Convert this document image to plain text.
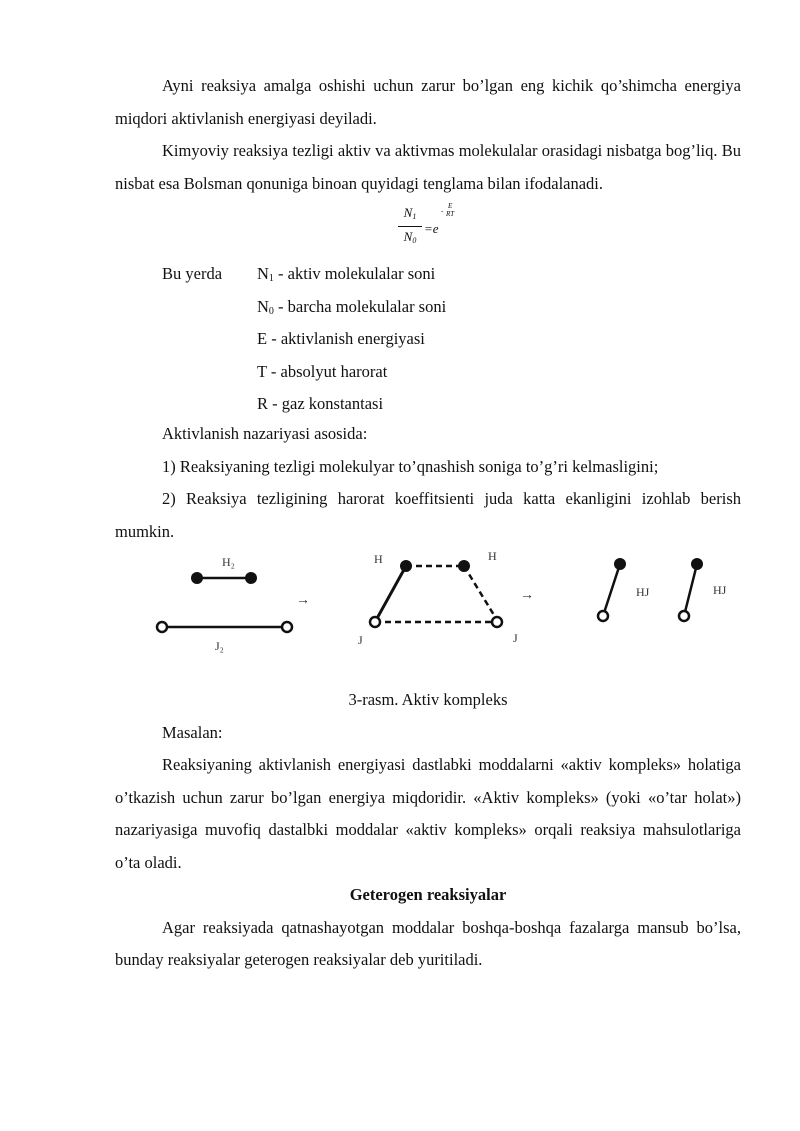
Ayni reaksiya amalga oshishi uchun zarur bo’lgan eng kichik qo’shimcha energiya miqdori aktivlanish energiyasi deyiladi.

Kimyoviy reaksiya tezligi aktiv va aktivmas molekulalar orasidagi nisbatga bog’liq. Bu nisbat esa Bolsman qonuniga binoan quyidagi tenglama bilan ifodalanadi.

$N_1$
$N_0$
=e
-
E
RT
Bu yerda $N_1$ - aktiv molekulalar soni
$N_0$ - barcha molekulalar soni
E - aktivlanish energiyasi
T - absolyut harorat
R - gaz konstantasi

Aktivlanish nazariyasi asosida:

1) Reaksiyaning tezligi molekulyar to’qnashish soniga to’g’ri kelmasligini;

2) Reaksiya tezligining harorat koeffitsienti juda katta ekanligini izohlab berish mumkin.

H₂
J₂
→
H	H
J	J
→	HJ	HJ

3-rasm. Aktiv kompleks

Masalan:

Reaksiyaning aktivlanish energiyasi dastlabki moddalarni «aktiv kompleks» holatiga o’tkazish uchun zarur bo’lgan energiya miqdoridir. «Aktiv kompleks» (yoki «o’tar holat») nazariyasiga muvofiq dastalbki moddalar «aktiv kompleks» orqali reaksiya mahsulotlariga o’ta oladi.

Geterogen reaksiyalar

Agar reaksiyada qatnashayotgan moddalar boshqa-boshqa fazalarga mansub bo’lsa, bunday reaksiyalar geterogen reaksiyalar deb yuritiladi.
